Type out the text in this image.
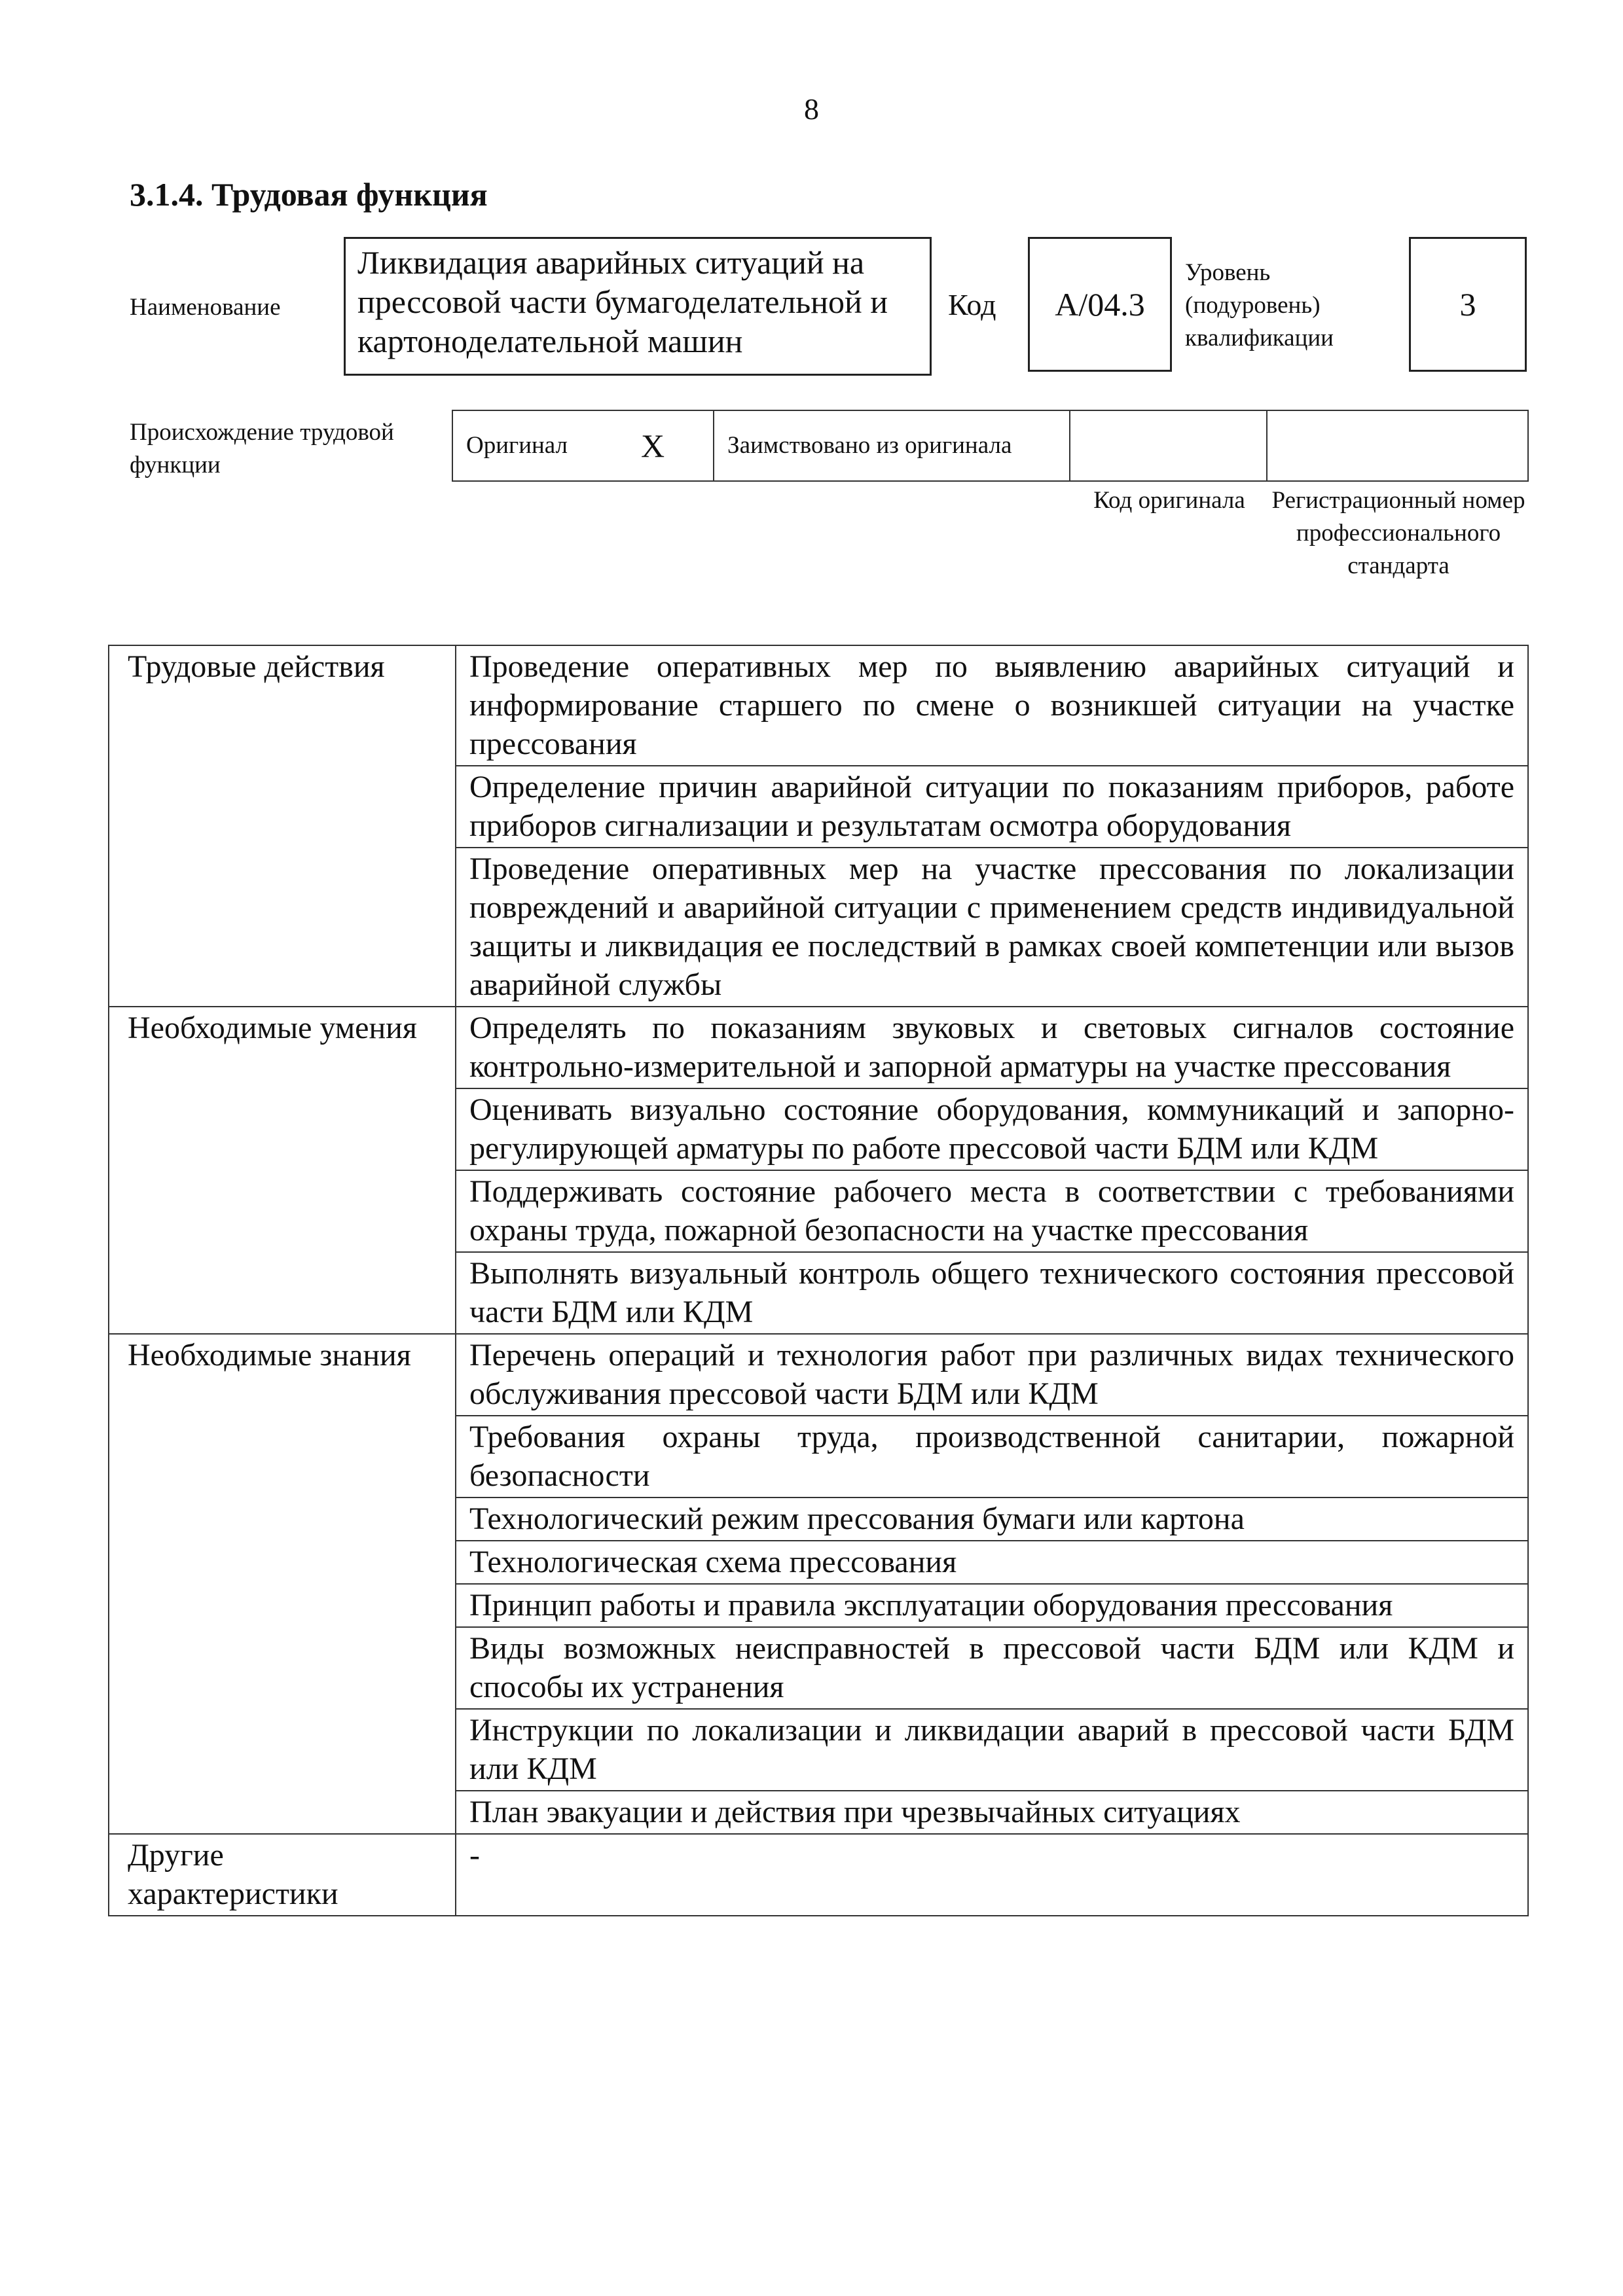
8
3.1.4. Трудовая функция
Наименование
Ликвидация аварийных ситуаций на прессовой части бумагоделательной и картоноделательной машин
Код A/04.3
Уровень (подуровень) квалификации
3
Происхождение трудовой функции
Оригинал X	Заимствовано из оригинала
Код оригинала	Регистрационный номер профессионального стандарта
Трудовые действия	Проведение оперативных мер по выявлению аварийных ситуаций и информирование старшего по смене о возникшей ситуации на участке прессования
	Определение причин аварийной ситуации по показаниям приборов, работе приборов сигнализации и результатам осмотра оборудования
	Проведение оперативных мер на участке прессования по локализации повреждений и аварийной ситуации с применением средств индивидуальной защиты и ликвидация ее последствий в рамках своей компетенции или вызов аварийной службы
Необходимые умения	Определять по показаниям звуковых и световых сигналов состояние контрольно-измерительной и запорной арматуры на участке прессования
	Оценивать визуально состояние оборудования, коммуникаций и запорно-регулирующей арматуры по работе прессовой части БДМ или КДМ
	Поддерживать состояние рабочего места в соответствии с требованиями охраны труда, пожарной безопасности на участке прессования
	Выполнять визуальный контроль общего технического состояния прессовой части БДМ или КДМ
Необходимые знания	Перечень операций и технология работ при различных видах технического обслуживания прессовой части БДМ или КДМ
	Требования охраны труда, производственной санитарии, пожарной безопасности
	Технологический режим прессования бумаги или картона
	Технологическая схема прессования
	Принцип работы и правила эксплуатации оборудования прессования
	Виды возможных неисправностей в прессовой части БДМ или КДМ и способы их устранения
	Инструкции по локализации и ликвидации аварий в прессовой части БДМ или КДМ
	План эвакуации и действия при чрезвычайных ситуациях
Другие характеристики	-
